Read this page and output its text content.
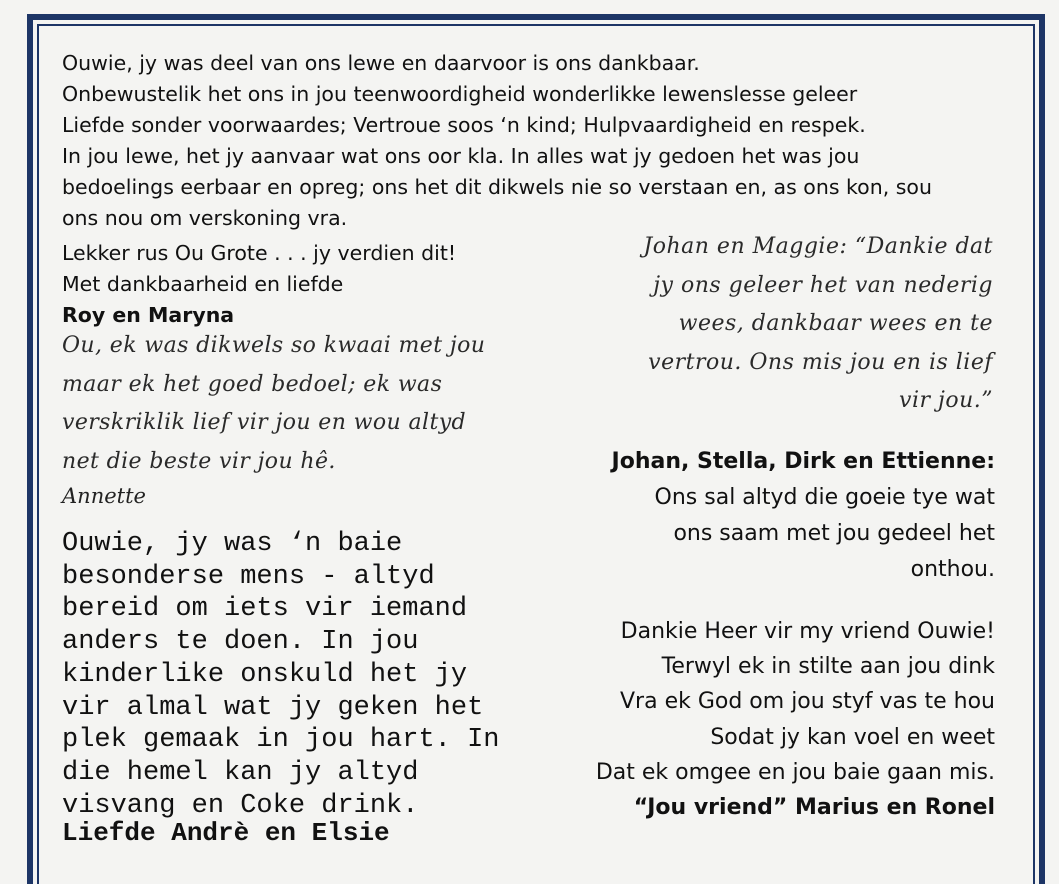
Ouwie, jy was deel van ons lewe en daarvoor is ons dankbaar.
Onbewustelik het ons in jou teenwoordigheid wonderlikke lewenslesse geleer
Liefde sonder voorwaardes; Vertroue soos ‘n kind; Hulpvaardigheid en respek.
In jou lewe, het jy aanvaar wat ons oor kla. In alles wat jy gedoen het was jou
bedoelings eerbaar en opreg; ons het dit dikwels nie so verstaan en, as ons kon, sou
ons nou om verskoning vra.
Lekker rus Ou Grote . . . jy verdien dit!
Met dankbaarheid en liefde
Roy en Maryna
Ou, ek was dikwels so kwaai met jou
maar ek het goed bedoel; ek was
verskriklik lief vir jou en wou altyd
net die beste vir jou hê.
Annette
Ouwie, jy was ‘n baie
besonderse mens - altyd
bereid om iets vir iemand
anders te doen. In jou
kinderlike onskuld het jy
vir almal wat jy geken het
plek gemaak in jou hart. In
die hemel kan jy altyd
visvang en Coke drink.
Liefde Andrè en Elsie
Johan en Maggie: “Dankie dat
jy ons geleer het van nederig
wees, dankbaar wees en te
vertrou. Ons mis jou en is lief
vir jou.”
Johan, Stella, Dirk en Ettienne:
Ons sal altyd die goeie tye wat
ons saam met jou gedeel het
onthou.
Dankie Heer vir my vriend Ouwie!
Terwyl ek in stilte aan jou dink
Vra ek God om jou styf vas te hou
Sodat jy kan voel en weet
Dat ek omgee en jou baie gaan mis.
“Jou vriend” Marius en Ronel
